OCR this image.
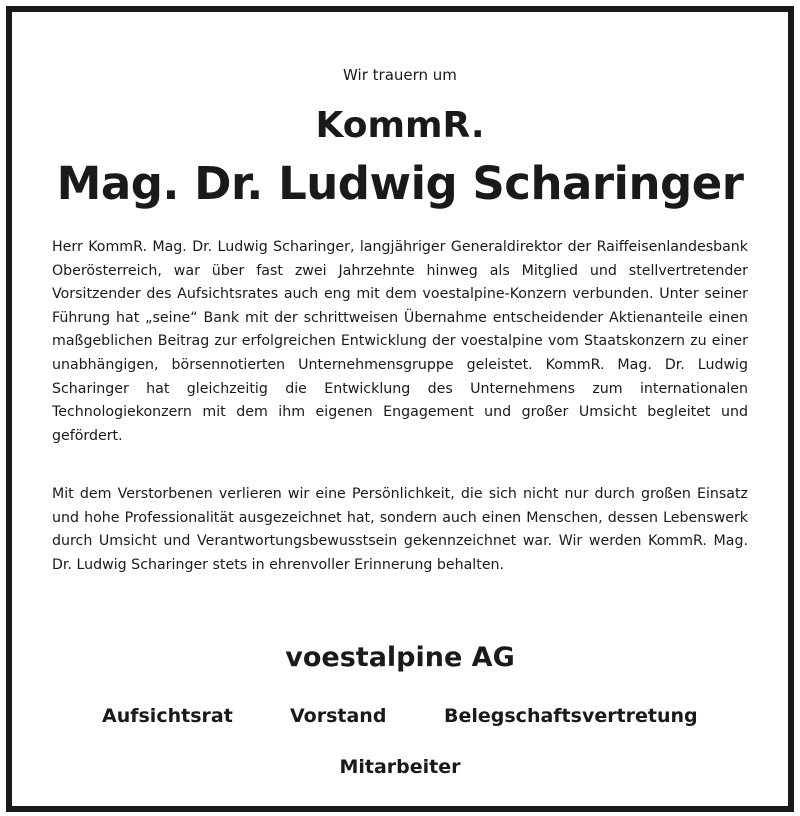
Wir trauern um
KommR.
Mag. Dr. Ludwig Scharinger

Herr KommR. Mag. Dr. Ludwig Scharinger, langjähriger Generaldirektor der Raiffeisenlandesbank Oberösterreich, war über fast zwei Jahrzehnte hinweg als Mitglied und stellvertretender Vorsitzender des Aufsichtsrates auch eng mit dem voestalpine-Konzern verbunden. Unter seiner Führung hat „seine“ Bank mit der schrittweisen Übernahme entscheidender Aktienanteile einen maßgeblichen Beitrag zur erfolgreichen Entwicklung der voestalpine vom Staatskonzern zu einer unabhängigen, börsennotierten Unternehmensgruppe geleistet. KommR. Mag. Dr. Ludwig Scharinger hat gleichzeitig die Entwicklung des Unternehmens zum internationalen Technologiekonzern mit dem ihm eigenen Engagement und großer Umsicht begleitet und gefördert.

Mit dem Verstorbenen verlieren wir eine Persönlichkeit, die sich nicht nur durch großen Einsatz und hohe Professionalität ausgezeichnet hat, sondern auch einen Menschen, dessen Lebenswerk durch Umsicht und Verantwortungsbewusstsein gekennzeichnet war. Wir werden KommR. Mag. Dr. Ludwig Scharinger stets in ehrenvoller Erinnerung behalten.

voestalpine AG
Aufsichtsrat	Vorstand	Belegschaftsvertretung
Mitarbeiter
